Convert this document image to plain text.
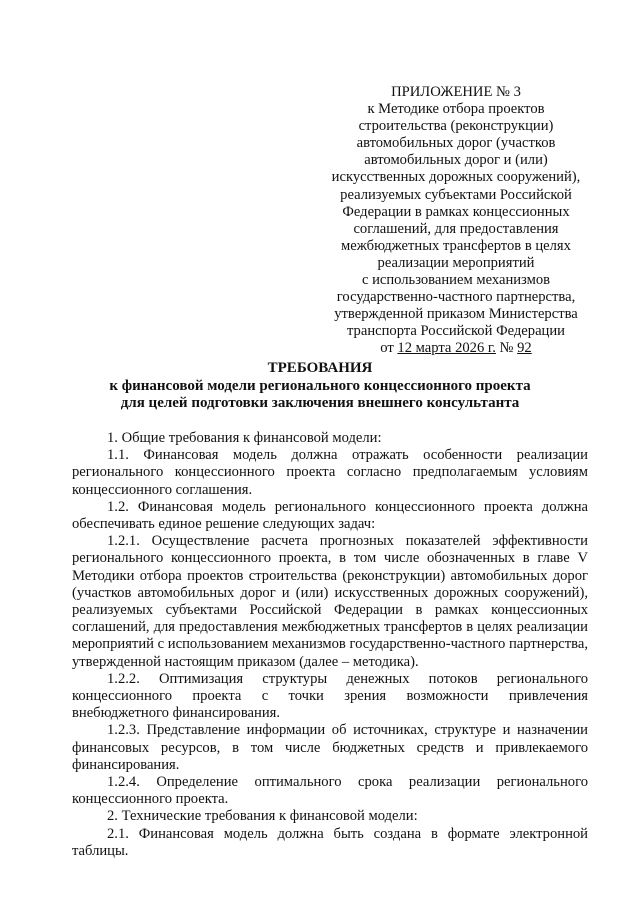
ПРИЛОЖЕНИЕ № 3
к Методике отбора проектов
строительства (реконструкции)
автомобильных дорог (участков
автомобильных дорог и (или)
искусственных дорожных сооружений),
реализуемых субъектами Российской
Федерации в рамках концессионных
соглашений, для предоставления
межбюджетных трансфертов в целях
реализации мероприятий
с использованием механизмов
государственно-частного партнерства,
утвержденной приказом Министерства
транспорта Российской Федерации
от 12 марта 2026 г. № 92
ТРЕБОВАНИЯ
к финансовой модели регионального концессионного проекта
для целей подготовки заключения внешнего консультанта

1. Общие требования к финансовой модели:

1.1. Финансовая модель должна отражать особенности реализации регионального концессионного проекта согласно предполагаемым условиям концессионного соглашения.

1.2. Финансовая модель регионального концессионного проекта должна обеспечивать единое решение следующих задач:

1.2.1. Осуществление расчета прогнозных показателей эффективности регионального концессионного проекта, в том числе обозначенных в главе V Методики отбора проектов строительства (реконструкции) автомобильных дорог (участков автомобильных дорог и (или) искусственных дорожных сооружений), реализуемых субъектами Российской Федерации в рамках концессионных соглашений, для предоставления межбюджетных трансфертов в целях реализации мероприятий с использованием механизмов государственно-частного партнерства, утвержденной настоящим приказом (далее – методика).

1.2.2. Оптимизация структуры денежных потоков регионального концессионного проекта с точки зрения возможности привлечения внебюджетного финансирования.

1.2.3. Представление информации об источниках, структуре и назначении финансовых ресурсов, в том числе бюджетных средств и привлекаемого финансирования.

1.2.4. Определение оптимального срока реализации регионального концессионного проекта.

2. Технические требования к финансовой модели:

2.1. Финансовая модель должна быть создана в формате электронной таблицы.
